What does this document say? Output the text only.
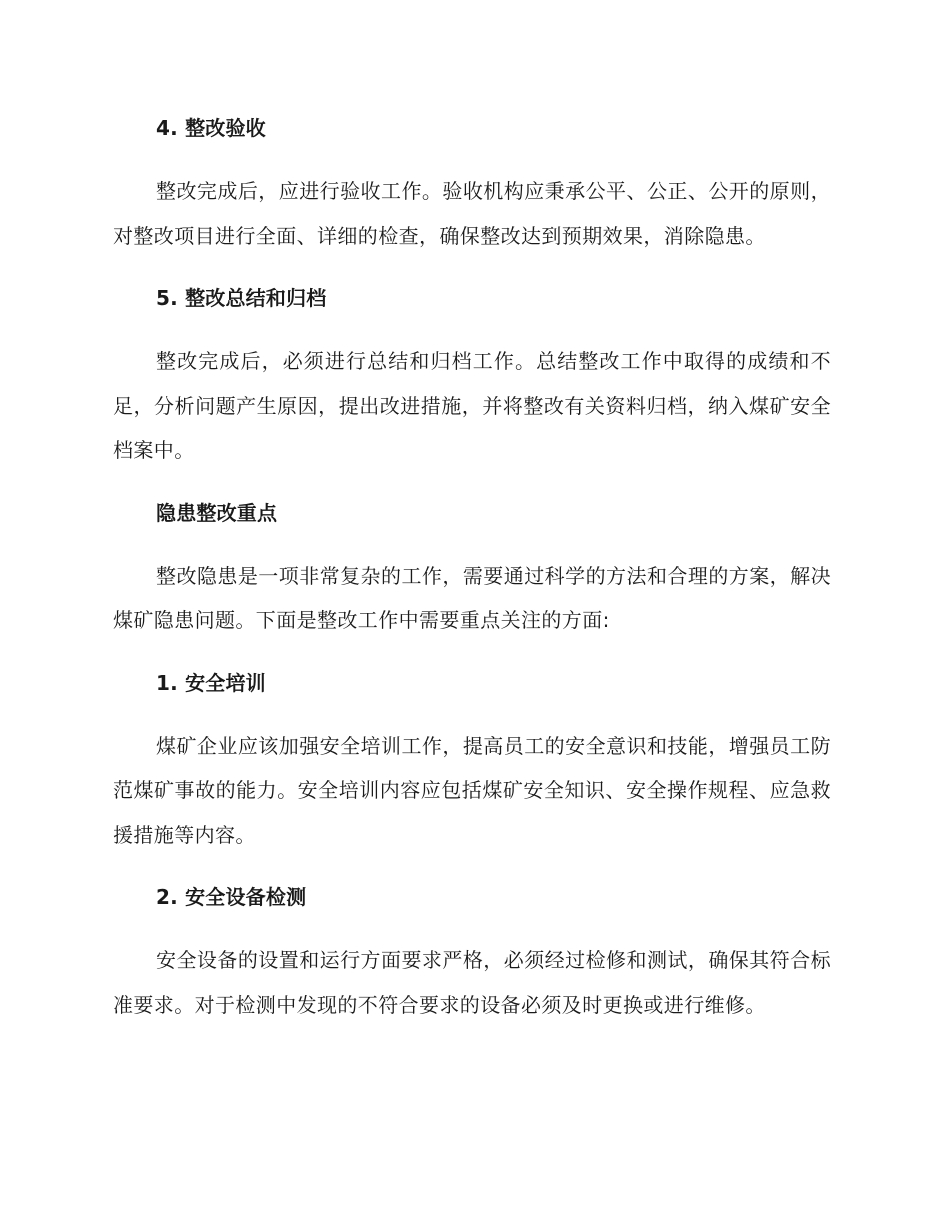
4. 整改验收

整改完成后，应进行验收工作。验收机构应秉承公平、公正、公开的原则，对整改项目进行全面、详细的检查，确保整改达到预期效果，消除隐患。

5. 整改总结和归档

整改完成后，必须进行总结和归档工作。总结整改工作中取得的成绩和不足，分析问题产生原因，提出改进措施，并将整改有关资料归档，纳入煤矿安全档案中。

隐患整改重点

整改隐患是一项非常复杂的工作，需要通过科学的方法和合理的方案，解决煤矿隐患问题。下面是整改工作中需要重点关注的方面:

1. 安全培训

煤矿企业应该加强安全培训工作，提高员工的安全意识和技能，增强员工防范煤矿事故的能力。安全培训内容应包括煤矿安全知识、安全操作规程、应急救援措施等内容。

2. 安全设备检测

安全设备的设置和运行方面要求严格，必须经过检修和测试，确保其符合标准要求。对于检测中发现的不符合要求的设备必须及时更换或进行维修。
